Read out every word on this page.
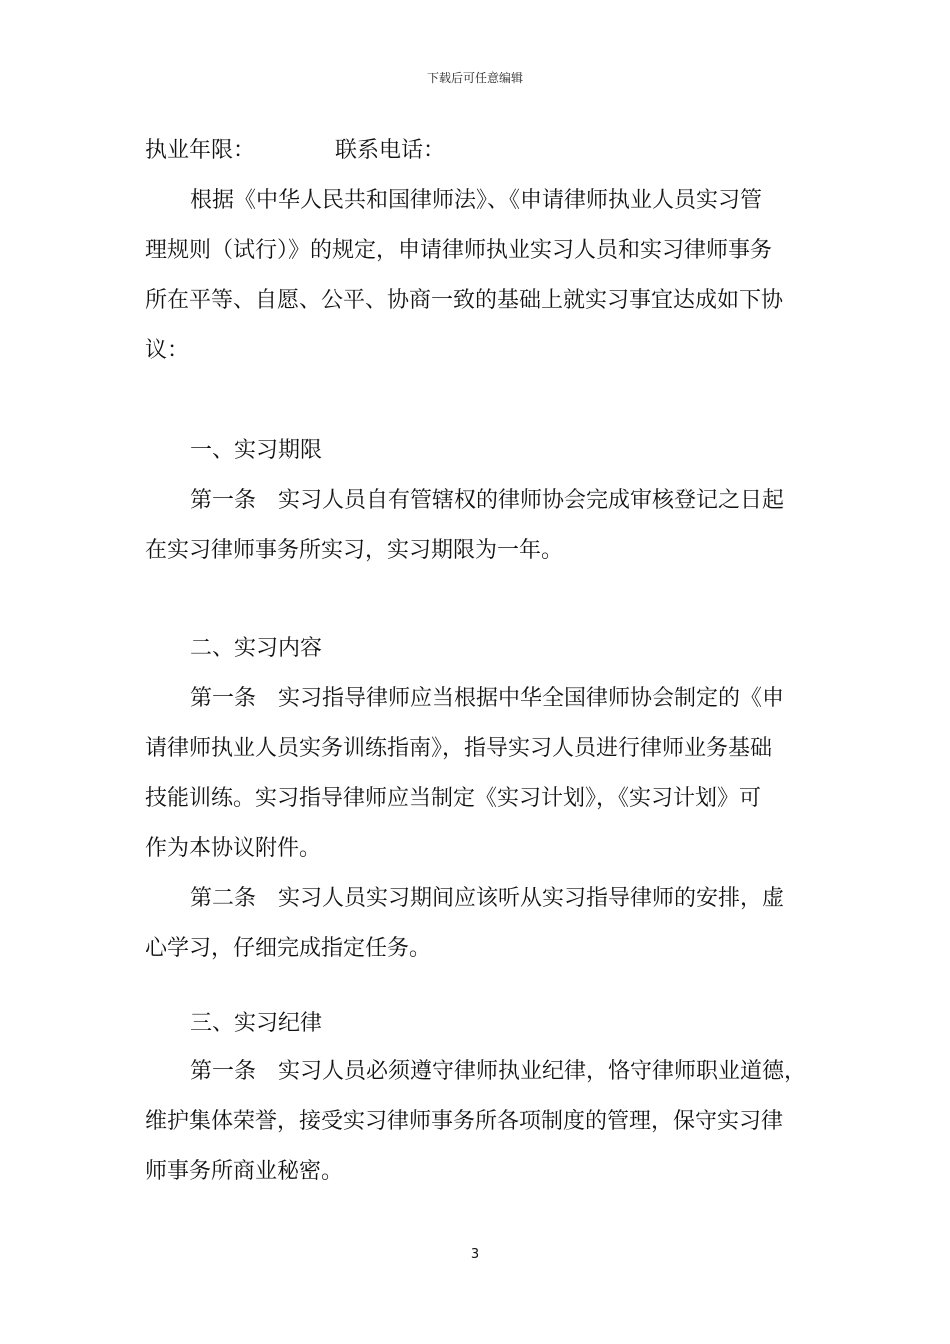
下载后可任意编辑
执业年限：	联系电话：
根据《中华人民共和国律师法》、《申请律师执业人员实习管
理规则（试行）》的规定，申请律师执业实习人员和实习律师事务
所在平等、自愿、公平、协商一致的基础上就实习事宜达成如下协
议：
一、实习期限
第一条 实习人员自有管辖权的律师协会完成审核登记之日起
在实习律师事务所实习，实习期限为一年。
二、实习内容
第一条 实习指导律师应当根据中华全国律师协会制定的《申
请律师执业人员实务训练指南》，指导实习人员进行律师业务基础
技能训练。实习指导律师应当制定《实习计划》，《实习计划》可
作为本协议附件。
第二条 实习人员实习期间应该听从实习指导律师的安排，虚
心学习，仔细完成指定任务。
三、实习纪律
第一条 实习人员必须遵守律师执业纪律，恪守律师职业道德，
维护集体荣誉，接受实习律师事务所各项制度的管理，保守实习律
师事务所商业秘密。
3
